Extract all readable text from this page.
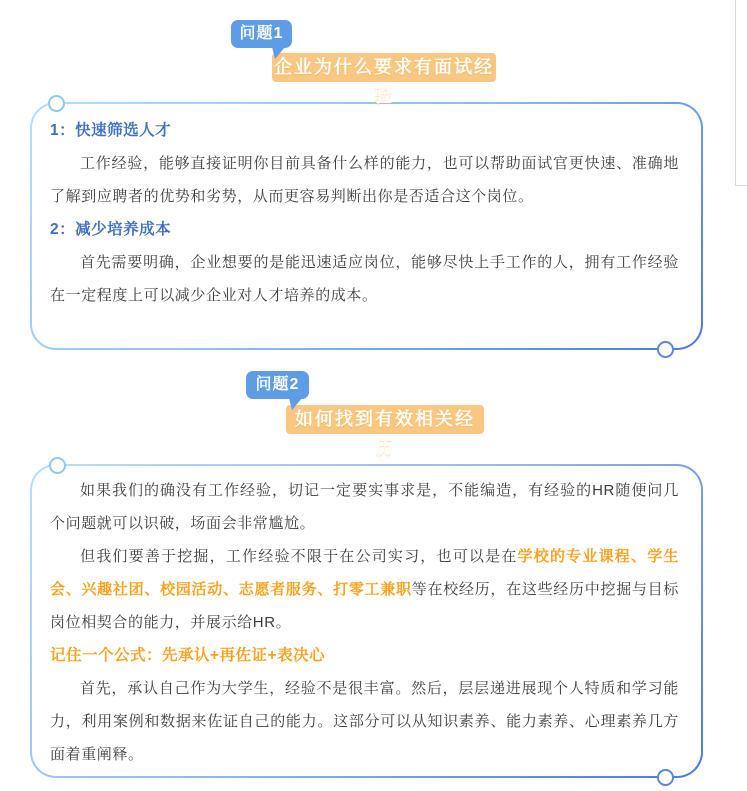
问题1
企业为什么要求有面试经验
1：快速筛选人才
工作经验，能够直接证明你目前具备什么样的能力，也可以帮助面试官更快速、准确地了解到应聘者的优势和劣势，从而更容易判断出你是否适合这个岗位。
2：减少培养成本
首先需要明确，企业想要的是能迅速适应岗位，能够尽快上手工作的人，拥有工作经验在一定程度上可以减少企业对人才培养的成本。
问题2
如何找到有效相关经历
如果我们的确没有工作经验，切记一定要实事求是，不能编造，有经验的HR随便问几个问题就可以识破，场面会非常尴尬。
但我们要善于挖掘，工作经验不限于在公司实习，也可以是在学校的专业课程、学生会、兴趣社团、校园活动、志愿者服务、打零工兼职等在校经历，在这些经历中挖掘与目标岗位相契合的能力，并展示给HR。
记住一个公式：先承认+再佐证+表决心
首先，承认自己作为大学生，经验不是很丰富。然后，层层递进展现个人特质和学习能力，利用案例和数据来佐证自己的能力。这部分可以从知识素养、能力素养、心理素养几方面着重阐释。
